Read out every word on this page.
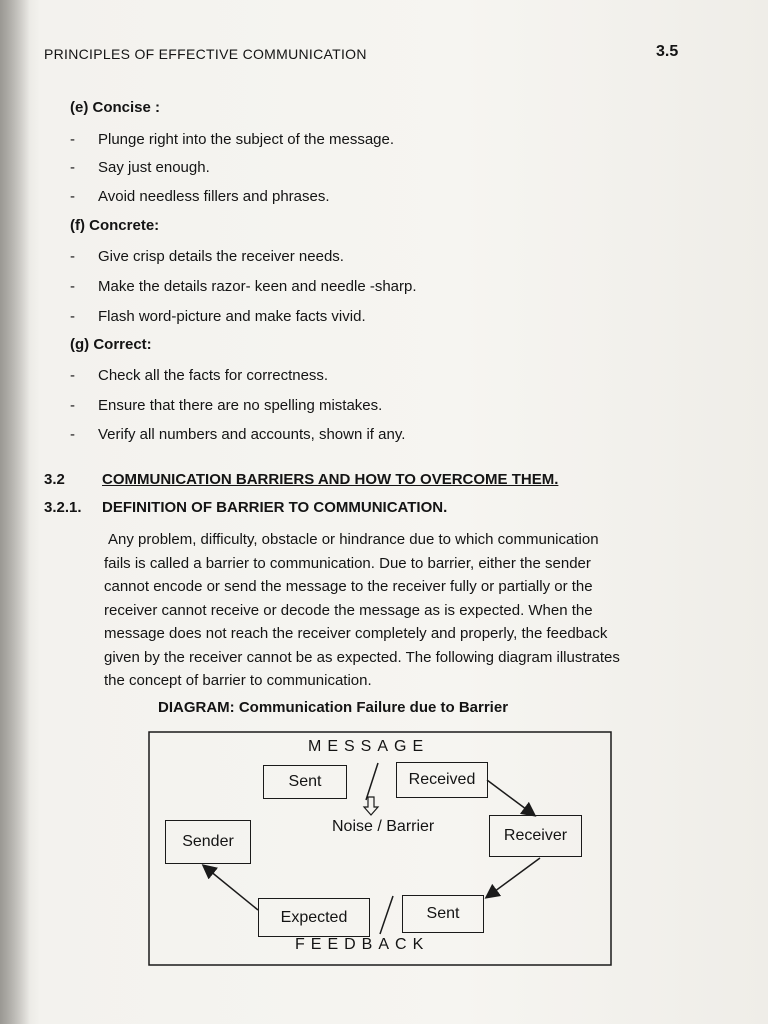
PRINCIPLES OF EFFECTIVE COMMUNICATION	3.5
(e) Concise :
- Plunge right into the subject of the message.
- Say just enough.
- Avoid needless fillers and phrases.
(f) Concrete:
- Give crisp details the receiver needs.
- Make the details razor- keen and needle -sharp.
- Flash word-picture and make facts vivid.
(g) Correct:
- Check all the facts for correctness.
- Ensure that there are no spelling mistakes.
- Verify all numbers and accounts, shown if any.
3.2 COMMUNICATION BARRIERS AND HOW TO OVERCOME THEM.
3.2.1. DEFINITION OF BARRIER TO COMMUNICATION.
Any problem, difficulty, obstacle or hindrance due to which communication
fails is called a barrier to communication. Due to barrier, either the sender
cannot encode or send the message to the receiver fully or partially or the
receiver cannot receive or decode the message as is expected. When the
message does not reach the receiver completely and properly, the feedback
given by the receiver cannot be as expected. The following diagram illustrates
the concept of barrier to communication.
DIAGRAM: Communication Failure due to Barrier
MESSAGE
FEEDBACK
Noise / Barrier
Sent	Received
Sender	Receiver
Expected	Sent
